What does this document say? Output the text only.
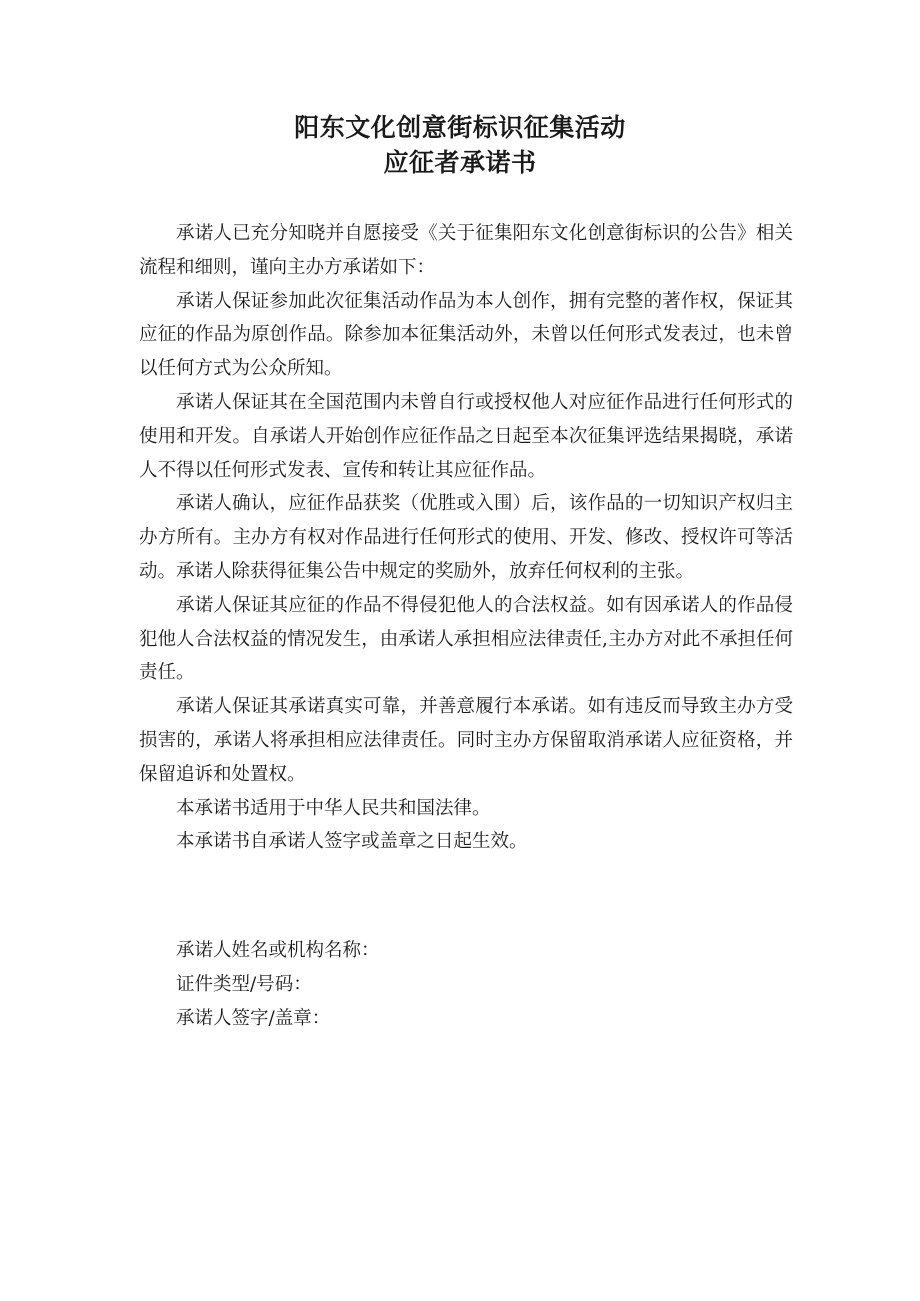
阳东文化创意街标识征集活动
应征者承诺书

承诺人已充分知晓并自愿接受《关于征集阳东文化创意街标识的公告》相关流程和细则，谨向主办方承诺如下：

承诺人保证参加此次征集活动作品为本人创作，拥有完整的著作权，保证其应征的作品为原创作品。除参加本征集活动外，未曾以任何形式发表过，也未曾以任何方式为公众所知。

承诺人保证其在全国范围内未曾自行或授权他人对应征作品进行任何形式的使用和开发。自承诺人开始创作应征作品之日起至本次征集评选结果揭晓，承诺人不得以任何形式发表、宣传和转让其应征作品。

承诺人确认，应征作品获奖（优胜或入围）后，该作品的一切知识产权归主办方所有。主办方有权对作品进行任何形式的使用、开发、修改、授权许可等活动。承诺人除获得征集公告中规定的奖励外，放弃任何权利的主张。

承诺人保证其应征的作品不得侵犯他人的合法权益。如有因承诺人的作品侵犯他人合法权益的情况发生，由承诺人承担相应法律责任,主办方对此不承担任何责任。

承诺人保证其承诺真实可靠，并善意履行本承诺。如有违反而导致主办方受损害的，承诺人将承担相应法律责任。同时主办方保留取消承诺人应征资格，并保留追诉和处置权。

本承诺书适用于中华人民共和国法律。

本承诺书自承诺人签字或盖章之日起生效。

承诺人姓名或机构名称：

证件类型/号码：

承诺人签字/盖章：
